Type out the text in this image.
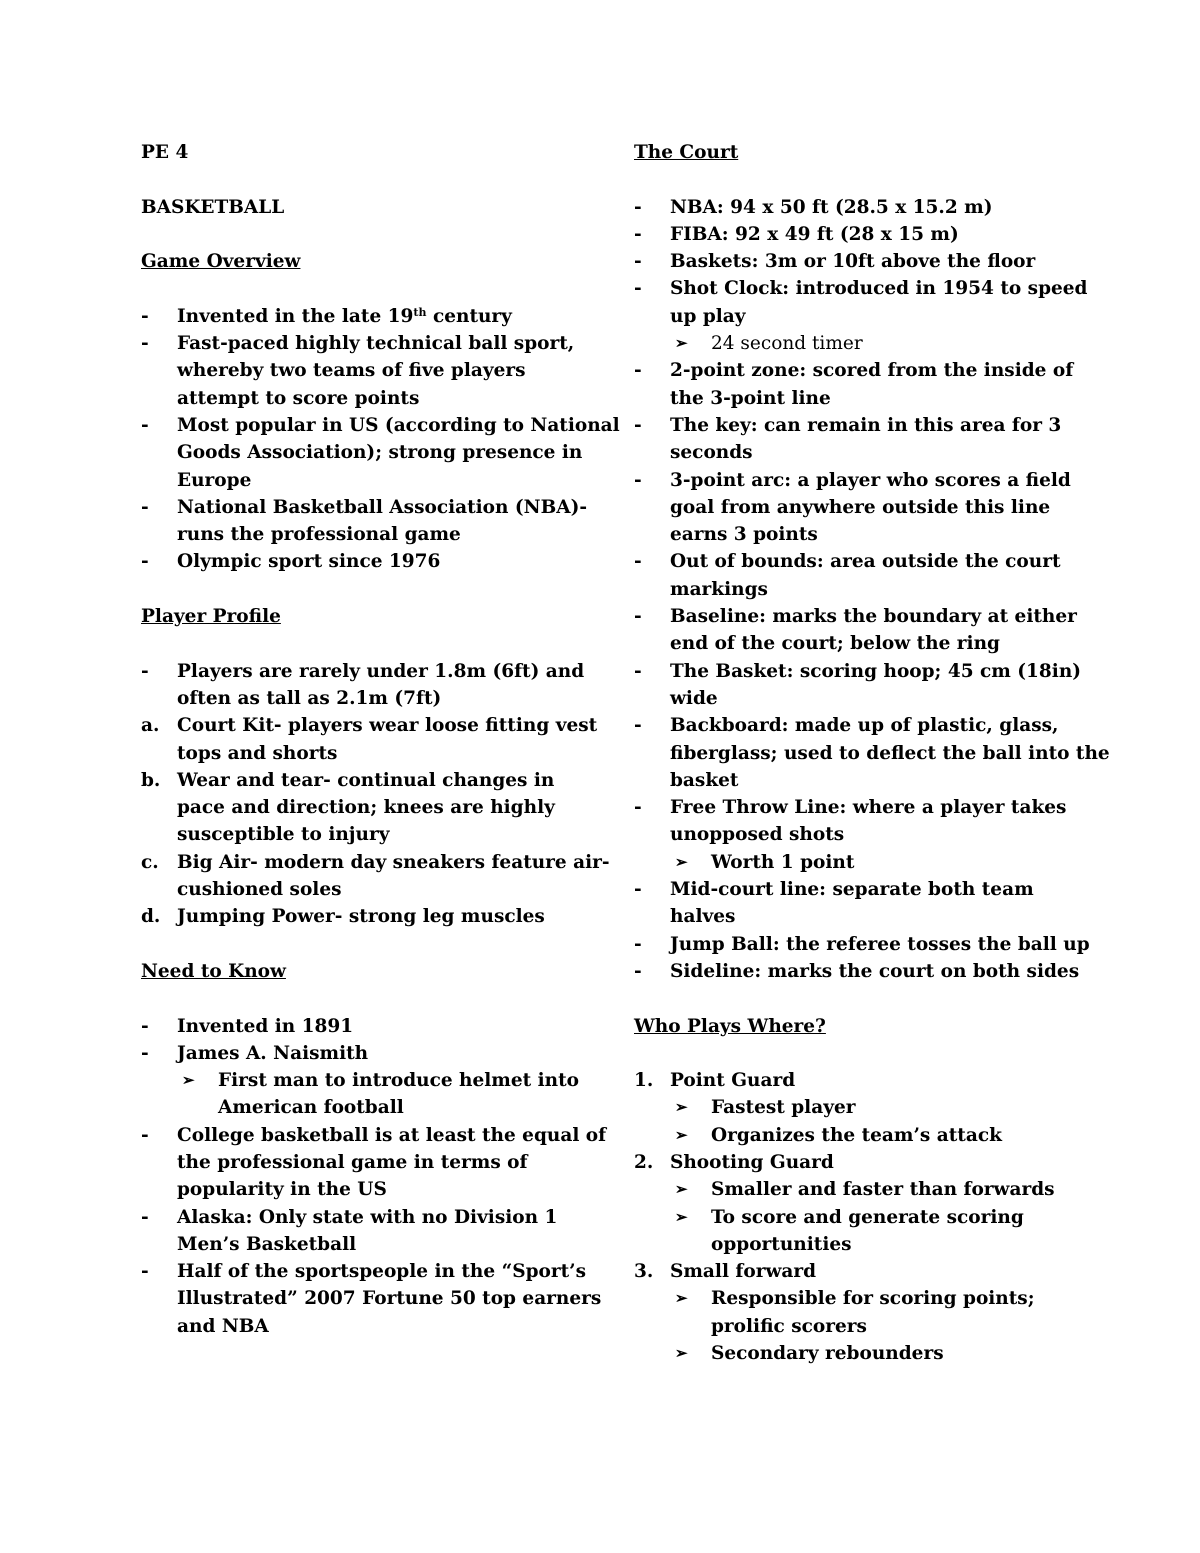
PE 4
BASKETBALL
Game Overview
-	Invented in the late 19th century
-	Fast-paced highly technical ball sport,
whereby two teams of five players
attempt to score points
-	Most popular in US (according to National
Goods Association); strong presence in
Europe
-	National Basketball Association (NBA)-
runs the professional game
-	Olympic sport since 1976
Player Profile
-	Players are rarely under 1.8m (6ft) and
often as tall as 2.1m (7ft)
a. Court Kit- players wear loose fitting vest
tops and shorts
b. Wear and tear- continual changes in
pace and direction; knees are highly
susceptible to injury
c. Big Air- modern day sneakers feature air-
cushioned soles
d. Jumping Power- strong leg muscles
Need to Know
-	Invented in 1891
-	James A. Naismith
➢	First man to introduce helmet into
American football
-	College basketball is at least the equal of
the professional game in terms of
popularity in the US
-	Alaska: Only state with no Division 1
Men’s Basketball
-	Half of the sportspeople in the “Sport’s
Illustrated” 2007 Fortune 50 top earners
and NBA
The Court
-	NBA: 94 x 50 ft (28.5 x 15.2 m)
-	FIBA: 92 x 49 ft (28 x 15 m)
-	Baskets: 3m or 10ft above the floor
-	Shot Clock: introduced in 1954 to speed
up play
➢	24 second timer
-	2-point zone: scored from the inside of
the 3-point line
-	The key: can remain in this area for 3
seconds
-	3-point arc: a player who scores a field
goal from anywhere outside this line
earns 3 points
-	Out of bounds: area outside the court
markings
-	Baseline: marks the boundary at either
end of the court; below the ring
-	The Basket: scoring hoop; 45 cm (18in)
wide
-	Backboard: made up of plastic, glass,
fiberglass; used to deflect the ball into the
basket
-	Free Throw Line: where a player takes
unopposed shots
➢	Worth 1 point
-	Mid-court line: separate both team
halves
-	Jump Ball: the referee tosses the ball up
-	Sideline: marks the court on both sides
Who Plays Where?
1. Point Guard
➢	Fastest player
➢	Organizes the team’s attack
2. Shooting Guard
➢	Smaller and faster than forwards
➢	To score and generate scoring
opportunities
3. Small forward
➢	Responsible for scoring points;
prolific scorers
➢	Secondary rebounders
